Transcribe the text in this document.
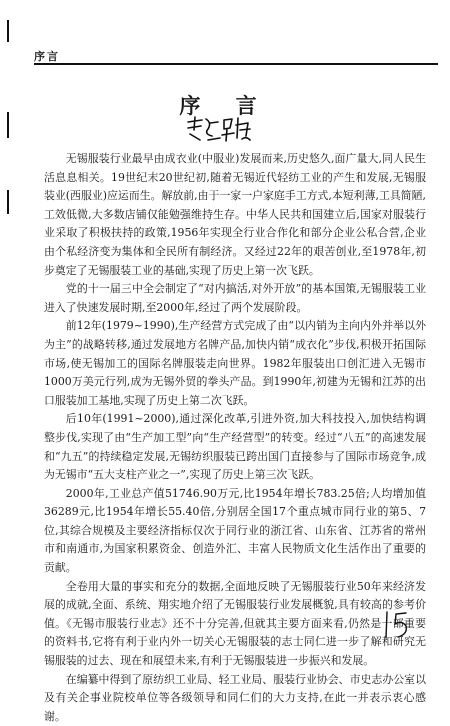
序言
序 言

无锡服装行业最早由成衣业(中服业)发展而来,历史悠久,面广量大,同人民生活息息相关。19世纪末20世纪初,随着无锡近代轻纺工业的产生和发展,无锡服装业(西服业)应运而生。解放前,由于一家一户家庭手工方式,本短利薄,工具简陋,工效低微,大多数店铺仅能勉强维持生存。中华人民共和国建立后,国家对服装行业采取了积极扶持的政策,1956年实现全行业合作化和部分企业公私合营,企业由个私经济变为集体和全民所有制经济。又经过22年的艰苦创业,至1978年,初步奠定了无锡服装工业的基础,实现了历史上第一次飞跃。

党的十一届三中全会制定了“对内搞活,对外开放”的基本国策,无锡服装工业进入了快速发展时期,至2000年,经过了两个发展阶段。

前12年(1979~1990),生产经营方式完成了由“以内销为主向内外并举以外为主”的战略转移,通过发展地方名牌产品,加快内销“成衣化”步伐,积极开拓国际市场,使无锡加工的国际名牌服装走向世界。1982年服装出口创汇进入无锡市1000万美元行列,成为无锡外贸的拳头产品。到1990年,初建为无锡和江苏的出口服装加工基地,实现了历史上第二次飞跃。

后10年(1991~2000),通过深化改革,引进外资,加大科技投入,加快结构调整步伐,实现了由“生产加工型”向“生产经营型”的转变。经过“八五”的高速发展和“九五”的持续稳定发展,无锡纺织服装已跨出国门直接参与了国际市场竞争,成为无锡市“五大支柱产业之一”,实现了历史上第三次飞跃。

2000年,工业总产值51746.90万元,比1954年增长783.25倍;人均增加值36289元,比1954年增长55.40倍,分别居全国17个重点城市同行业的第5、7位,其综合规模及主要经济指标仅次于同行业的浙江省、山东省、江苏省的常州市和南通市,为国家积累资金、创造外汇、丰富人民物质文化生活作出了重要的贡献。

全卷用大量的事实和充分的数据,全面地反映了无锡服装行业50年来经济发展的成就,全面、系统、翔实地介绍了无锡服装行业发展概貌,具有较高的参考价值。《无锡市服装行业志》还不十分完善,但就其主要方面来看,仍然是一部重要的资料书,它将有利于业内外一切关心无锡服装的志士同仁进一步了解和研究无锡服装的过去、现在和展望未来,有利于无锡服装进一步振兴和发展。

在编纂中得到了原纺织工业局、轻工业局、服装行业协会、市史志办公室以及有关企事业院校单位等各级领导和同仁们的大力支持,在此一并表示衷心感谢。
